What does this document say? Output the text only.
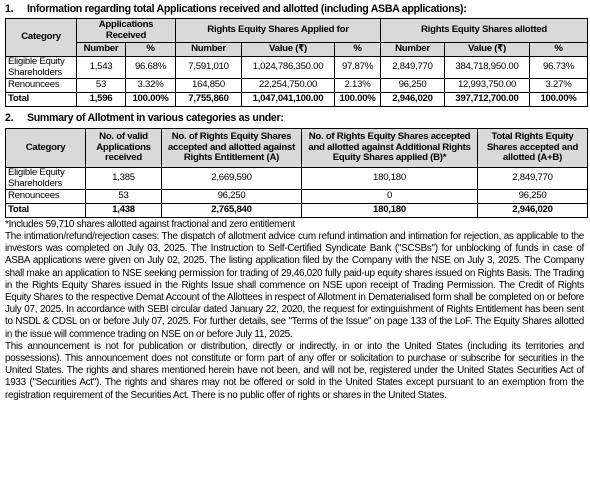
1. Information regarding total Applications received and allotted (including ASBA applications):
Category	Applications Received		Rights Equity Shares Applied for			Rights Equity Shares allotted		
	Number	%	Number	Value (₹)	%	Number	Value (₹)	%
Eligible Equity Shareholders	1,543	96.68%	7,591,010	1,024,786,350.00	97.87%	2,849,770	384,718,950.00	96.73%
Renouncees	53	3.32%	164,850	22,254,750.00	2.13%	96,250	12,993,750.00	3.27%
Total	1,596	100.00%	7,755,860	1,047,041,100.00	100.00%	2,946,020	397,712,700.00	100.00%
2. Summary of Allotment in various categories as under:
Category	No. of valid Applications received	No. of Rights Equity Shares accepted and allotted against Rights Entitlement (A)	No. of Rights Equity Shares accepted and allotted against Additional Rights Equity Shares applied (B)*	Total Rights Equity Shares accepted and allotted (A+B)
Eligible Equity Shareholders	1,385	2,669,590	180,180	2,849,770
Renouncees	53	96,250	0	96,250
Total	1,438	2,765,840	180,180	2,946,020
*Includes 59,710 shares allotted against fractional and zero entitlement
The intimation/refund/rejection cases: The dispatch of allotment advice cum refund intimation and intimation for rejection, as applicable to the investors was completed on July 03, 2025. The Instruction to Self-Certified Syndicate Bank ("SCSBs") for unblocking of funds in case of ASBA applications were given on July 02, 2025. The listing application filed by the Company with the NSE on July 3, 2025. The Company shall make an application to NSE seeking permission for trading of 29,46,020 fully paid-up equity shares issued on Rights Basis. The Trading in the Rights Equity Shares issued in the Rights Issue shall commence on NSE upon receipt of Trading Permission. The Credit of Rights Equity Shares to the respective Demat Account of the Allottees in respect of Allotment in Dematerialised form shall be completed on or before July 07, 2025. In accordance with SEBI circular dated January 22, 2020, the request for extinguishment of Rights Entitlement has been sent to NSDL & CDSL on or before July 07, 2025. For further details, see "Terms of the Issue" on page 133 of the LoF. The Equity Shares allotted in the issue will commence trading on NSE on or before July 11, 2025.
This announcement is not for publication or distribution, directly or indirectly, in or into the United States (including its territories and possessions). This announcement does not constitute or form part of any offer or solicitation to purchase or subscribe for securities in the United States. The rights and shares mentioned herein have not been, and will not be, registered under the United States Securities Act of 1933 ("Securities Act"). The rights and shares may not be offered or sold in the United States except pursuant to an exemption from the registration requirement of the Securities Act. There is no public offer of rights or shares in the United States.
